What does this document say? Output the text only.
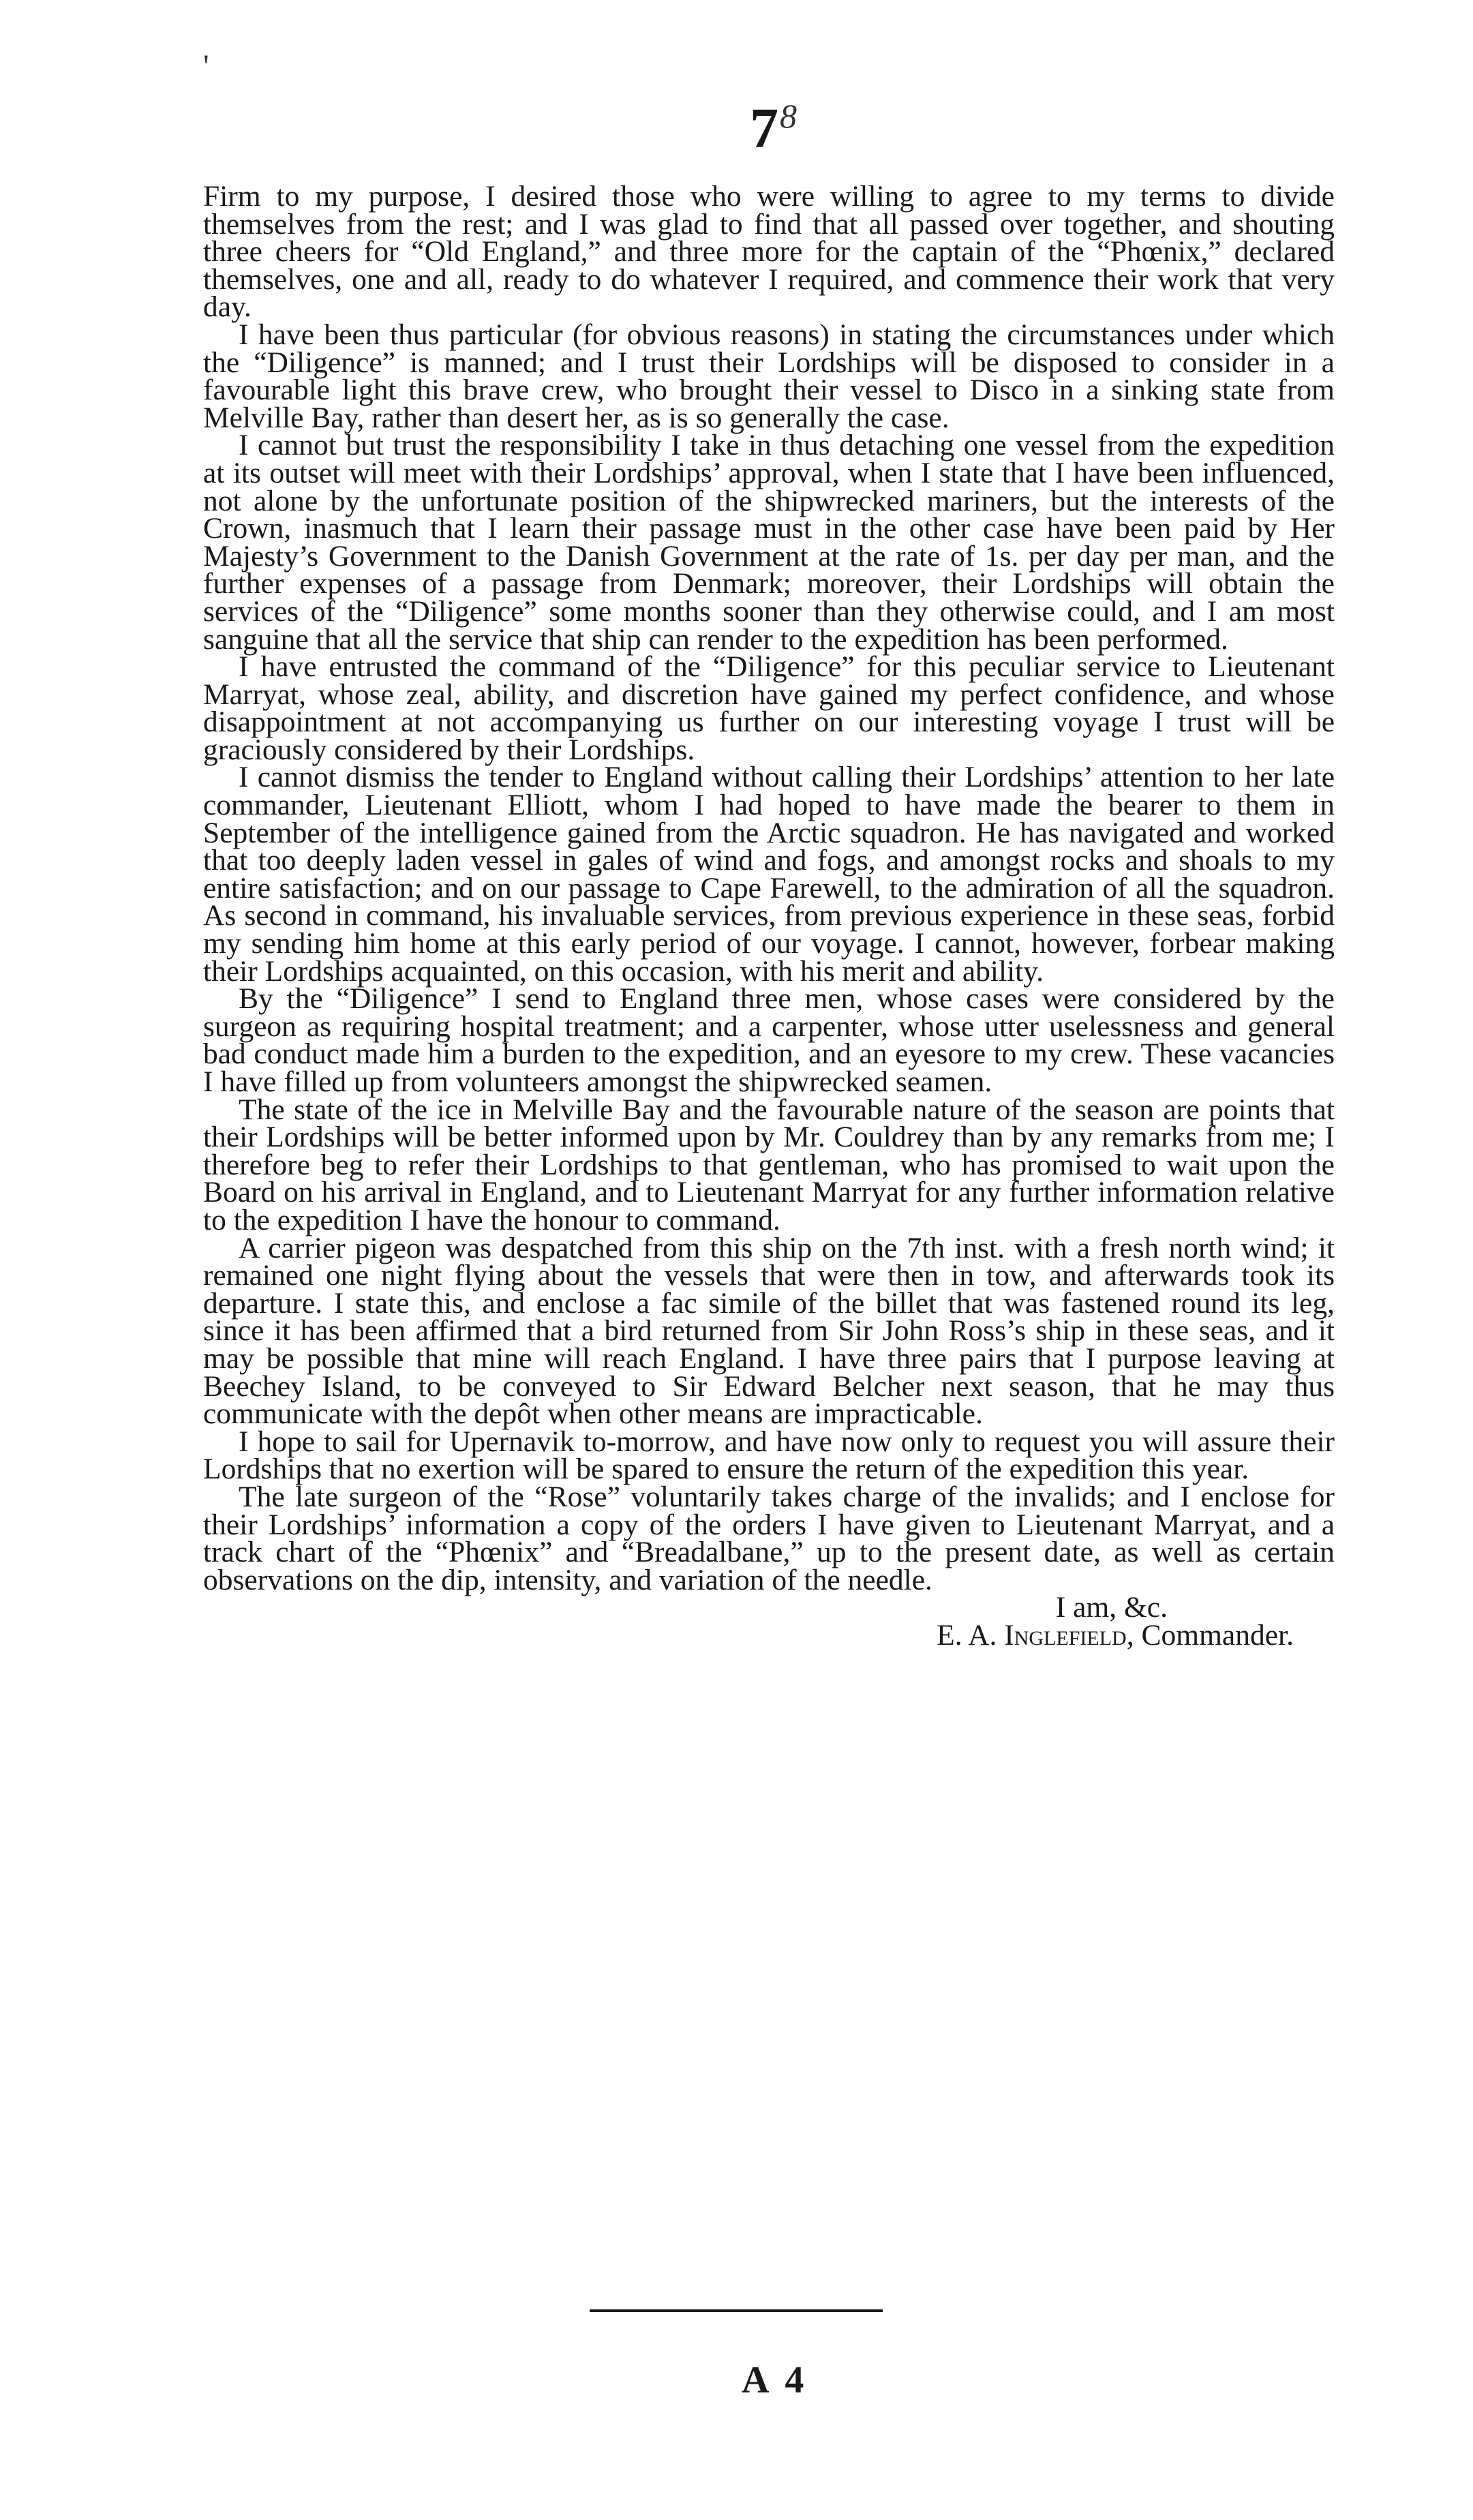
'
$7^8$

Firm to my purpose, I desired those who were willing to agree to my terms to divide themselves from the rest; and I was glad to find that all passed over together, and shouting three cheers for “Old England,” and three more for the captain of the “Phœnix,” declared themselves, one and all, ready to do whatever I required, and commence their work that very day.

I have been thus particular (for obvious reasons) in stating the circumstances under which the “Diligence” is manned; and I trust their Lordships will be disposed to consider in a favourable light this brave crew, who brought their vessel to Disco in a sinking state from Melville Bay, rather than desert her, as is so generally the case.

I cannot but trust the responsibility I take in thus detaching one vessel from the expedition at its outset will meet with their Lordships’ approval, when I state that I have been influenced, not alone by the unfortunate position of the shipwrecked mariners, but the interests of the Crown, inasmuch that I learn their passage must in the other case have been paid by Her Majesty’s Government to the Danish Government at the rate of 1s. per day per man, and the further expenses of a passage from Denmark; moreover, their Lordships will obtain the services of the “Diligence” some months sooner than they otherwise could, and I am most sanguine that all the service that ship can render to the expedition has been performed.

I have entrusted the command of the “Diligence” for this peculiar service to Lieutenant Marryat, whose zeal, ability, and discretion have gained my perfect confidence, and whose disappointment at not accompanying us further on our interesting voyage I trust will be graciously considered by their Lordships.

I cannot dismiss the tender to England without calling their Lordships’ attention to her late commander, Lieutenant Elliott, whom I had hoped to have made the bearer to them in September of the intelligence gained from the Arctic squadron. He has navigated and worked that too deeply laden vessel in gales of wind and fogs, and amongst rocks and shoals to my entire satisfaction; and on our passage to Cape Farewell, to the admiration of all the squadron. As second in command, his invaluable services, from previous experience in these seas, forbid my sending him home at this early period of our voyage. I cannot, however, forbear making their Lordships acquainted, on this occasion, with his merit and ability.

By the “Diligence” I send to England three men, whose cases were considered by the surgeon as requiring hospital treatment; and a carpenter, whose utter uselessness and general bad conduct made him a burden to the expedition, and an eyesore to my crew. These vacancies I have filled up from volunteers amongst the shipwrecked seamen.

The state of the ice in Melville Bay and the favourable nature of the season are points that their Lordships will be better informed upon by Mr. Couldrey than by any remarks from me; I therefore beg to refer their Lordships to that gentleman, who has promised to wait upon the Board on his arrival in England, and to Lieutenant Marryat for any further information relative to the expedition I have the honour to command.

A carrier pigeon was despatched from this ship on the 7th inst. with a fresh north wind; it remained one night flying about the vessels that were then in tow, and afterwards took its departure. I state this, and enclose a fac simile of the billet that was fastened round its leg, since it has been affirmed that a bird returned from Sir John Ross’s ship in these seas, and it may be possible that mine will reach England. I have three pairs that I purpose leaving at Beechey Island, to be conveyed to Sir Edward Belcher next season, that he may thus communicate with the depôt when other means are impracticable.

I hope to sail for Upernavik to-morrow, and have now only to request you will assure their Lordships that no exertion will be spared to ensure the return of the expedition this year.

The late surgeon of the “Rose” voluntarily takes charge of the invalids; and I enclose for their Lordships’ information a copy of the orders I have given to Lieutenant Marryat, and a track chart of the “Phœnix” and “Breadalbane,” up to the present date, as well as certain observations on the dip, intensity, and variation of the needle.

I am, &c.

E. A. Inglefield, Commander.

A 4
